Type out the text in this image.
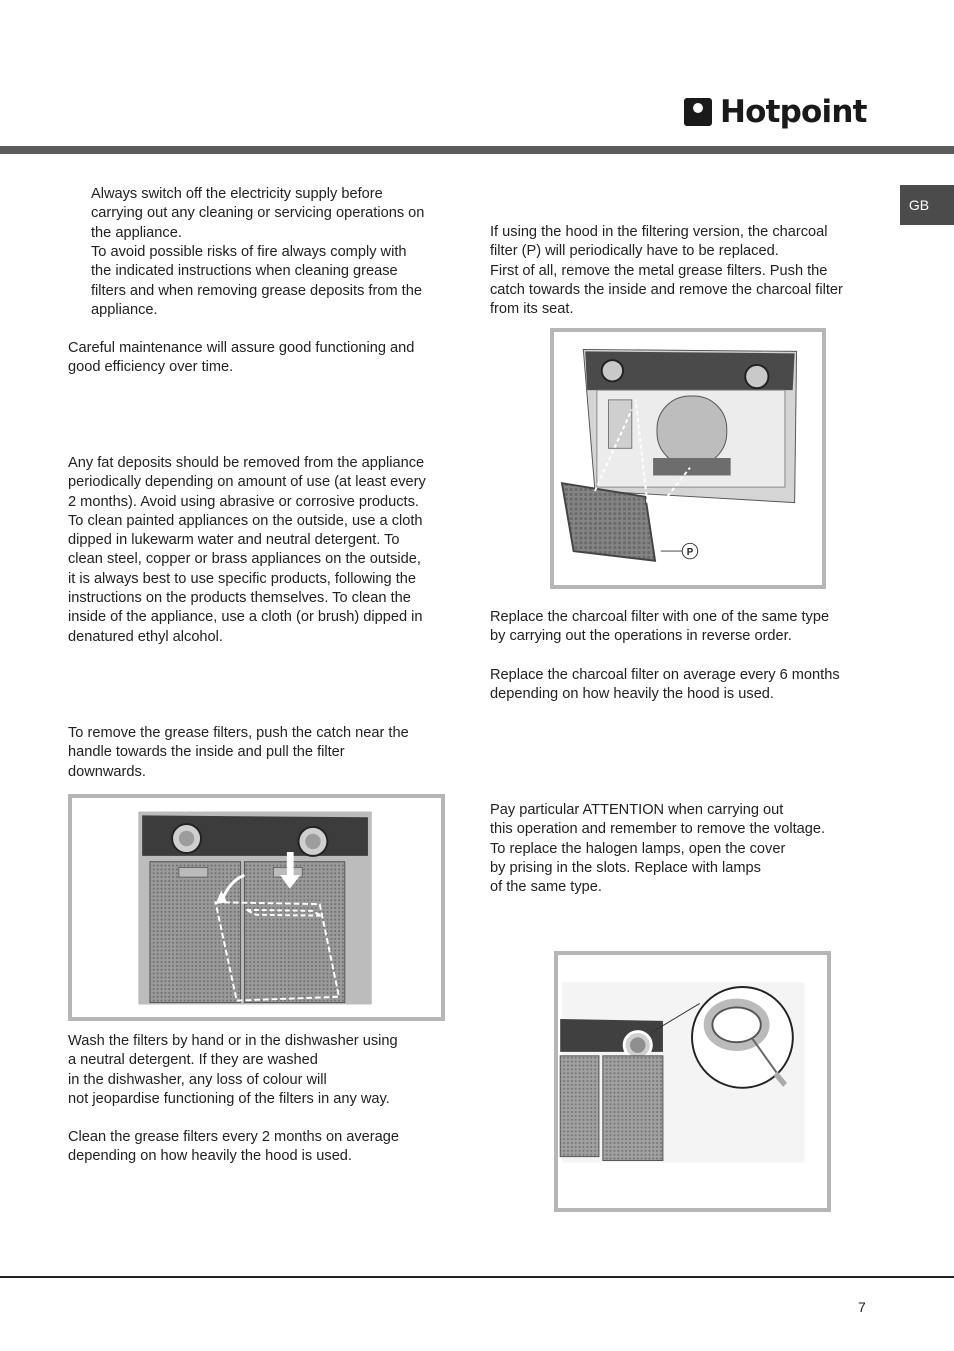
Hotpoint
GB

Always switch off the electricity supply before
carrying out any cleaning or servicing operations on
the appliance.

To avoid possible risks of fire always comply with
the indicated instructions when cleaning grease
filters and when removing grease deposits from the
appliance.

Careful maintenance will assure good functioning and
good efficiency over time.

Any fat deposits should be removed from the appliance
periodically depending on amount of use (at least every
2 months). Avoid using abrasive or corrosive products.
To clean painted appliances on the outside, use a cloth
dipped in lukewarm water and neutral detergent. To
clean steel, copper or brass appliances on the outside,
it is always best to use specific products, following the
instructions on the products themselves. To clean the
inside of the appliance, use a cloth (or brush) dipped in
denatured ethyl alcohol.

To remove the grease filters, push the catch near the
handle towards the inside and pull the filter
downwards.

Wash the filters by hand or in the dishwasher using
a neutral detergent. If they are washed
in the dishwasher, any loss of colour will
not jeopardise functioning of the filters in any way.

Clean the grease filters every 2 months on average
depending on how heavily the hood is used.

If using the hood in the filtering version, the charcoal
filter (P) will periodically have to be replaced.
First of all, remove the metal grease filters. Push the
catch towards the inside and remove the charcoal filter
from its seat.

P

Replace the charcoal filter with one of the same type
by carrying out the operations in reverse order.

Replace the charcoal filter on average every 6 months
depending on how heavily the hood is used.

Pay particular ATTENTION when carrying out
this operation and remember to remove the voltage.
To replace the halogen lamps, open the cover
by prising in the slots. Replace with lamps
of the same type.

7
